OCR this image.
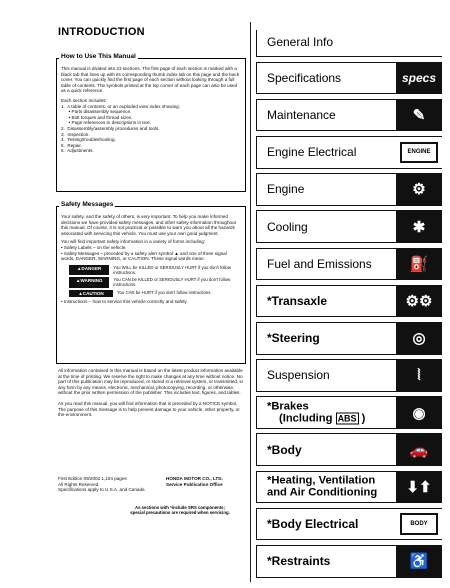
INTRODUCTION
How to Use This Manual
This manual is divided into 23 sections. The first page of each section is marked with a black tab that lines up with its corresponding thumb index tab on this page and the back cover. You can quickly find the first page of each section without looking through a full table of contents. The symbols printed at the top corner of each page can also be used as a quick reference.
Each section includes:
1.  A table of contents, or an exploded view index showing:
• Parts disassembly sequence.
• Bolt torques and thread sizes.
• Page references to descriptions in text.
2.  Disassembly/assembly procedures and tools.
3.  Inspection.
4.  Testing/troubleshooting.
5.  Repair.
6.  Adjustments.
Safety Messages
Your safety, and the safety of others, is very important. To help you make informed decisions we have provided safety messages, and other safety information throughout this manual. Of course, it is not practical or possible to warn you about all the hazards associated with servicing this vehicle. You must use your own good judgment.
You will find important safety information in a variety of forms including:
• Safety Labels – on the vehicle.
• Safety Messages – preceded by a safety alert symbol ▲ and one of three signal words, DANGER, WARNING, or CAUTION. These signal words mean:
▲DANGER	You WILL be KILLED or SERIOUSLY HURT if you don't follow instructions.
▲WARNING	You CAN be KILLED or SERIOUSLY HURT if you don't follow instructions.
▲CAUTION	You CAN be HURT if you don't follow instructions.
• Instructions – how to service this vehicle correctly and safely.
All information contained in this manual is based on the latest product information available at the time of printing. We reserve the right to make changes at any time without notice. No part of this publication may be reproduced, or stored in a retrieval system, or transmitted, in any form by any means, electronic, mechanical, photocopying, recording, or otherwise, without the prior written permission of the publisher. This includes text, figures, and tables.
As you read this manual, you will find information that is preceded by a NOTICE symbol. The purpose of this message is to help prevent damage to your vehicle, other property, or the environment.
First Edition 09/2002 1,104 pages
All Rights Reserved
Specifications apply to U.S.A. and Canada
HONDA MOTOR CO., LTD.
Service Publication Office
As sections with *include SRS components;
special precautions are required when servicing.
General Info
Specifications	specs
Maintenance	✎
Engine Electrical	ENGINE
Engine	⚙
Cooling	✱
Fuel and Emissions	⛽
*Transaxle	⚙⚙
*Steering	◎
Suspension	⦚
*Brakes
(Including ABS )	◉
*Body	🚗
*Heating, Ventilation
and Air Conditioning	⬇⬆
*Body Electrical	BODY
*Restraints	♿
